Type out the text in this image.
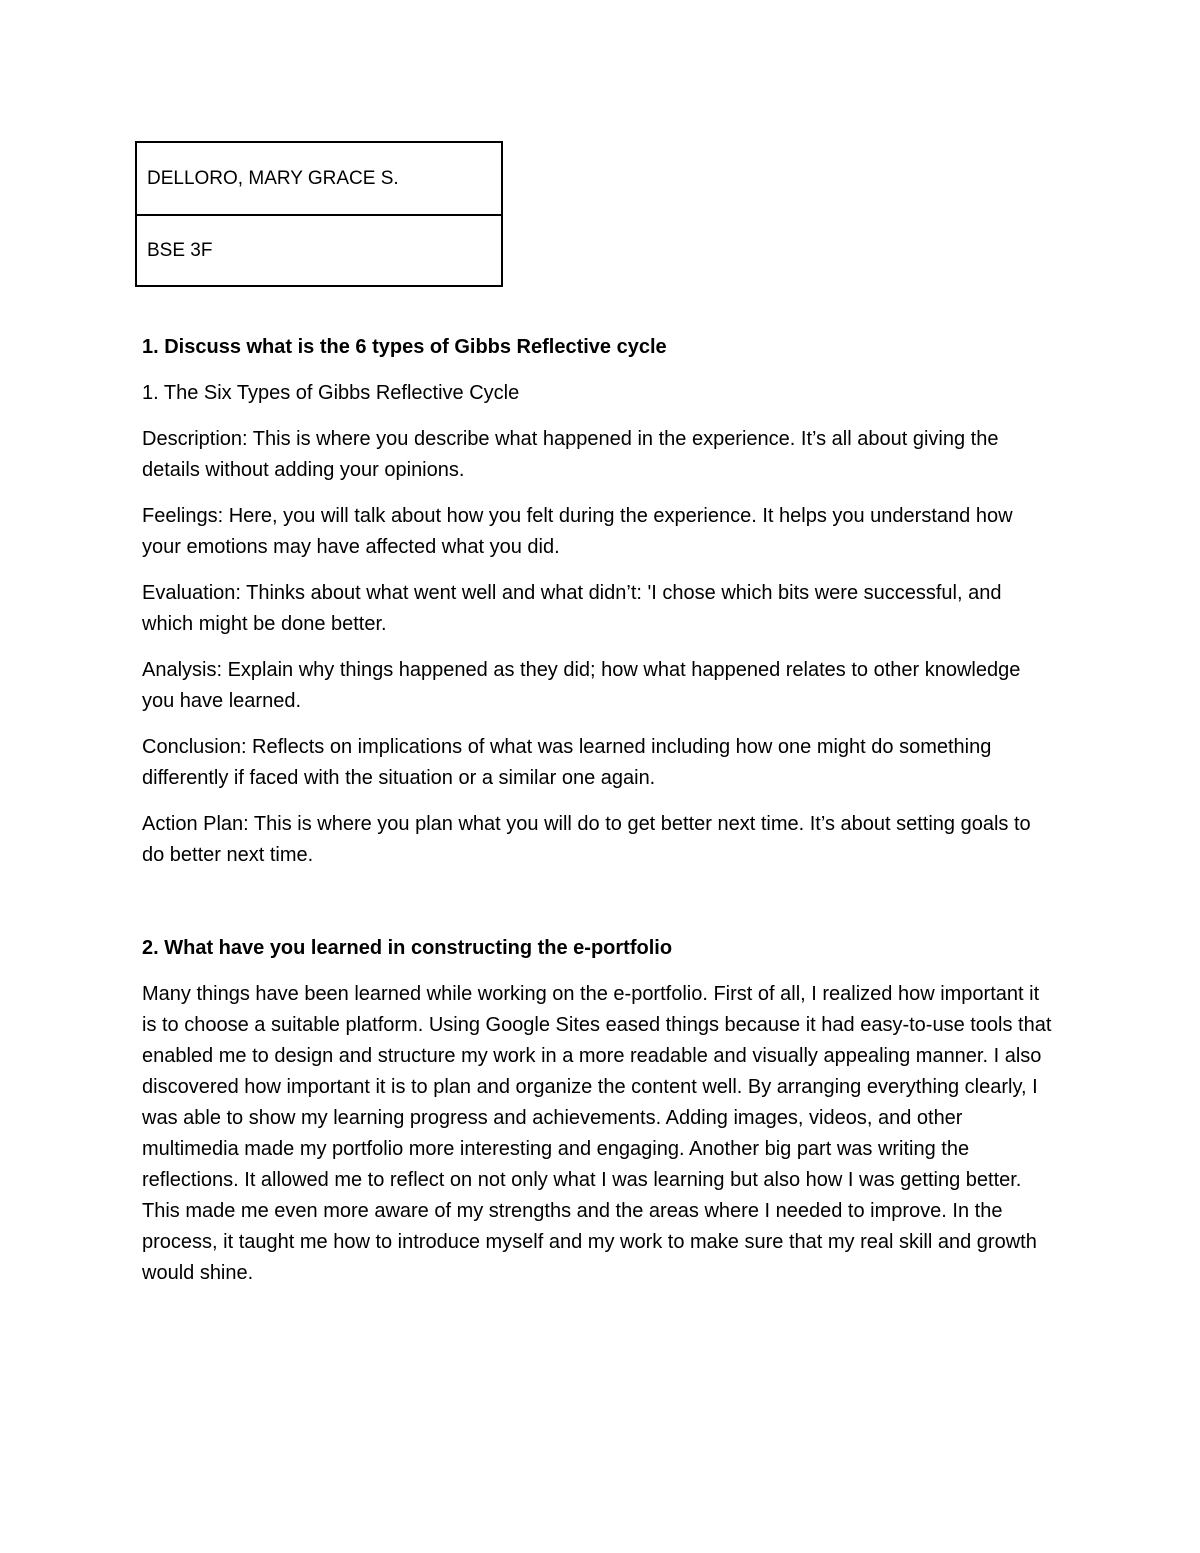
DELLORO, MARY GRACE S.
BSE 3F

1. Discuss what is the 6 types of Gibbs Reflective cycle

1. The Six Types of Gibbs Reflective Cycle

Description: This is where you describe what happened in the experience. It’s all about giving the details without adding your opinions.

Feelings: Here, you will talk about how you felt during the experience. It helps you understand how your emotions may have affected what you did.

Evaluation: Thinks about what went well and what didn’t: 'I chose which bits were successful, and which might be done better.

Analysis: Explain why things happened as they did; how what happened relates to other knowledge you have learned.

Conclusion: Reflects on implications of what was learned including how one might do something differently if faced with the situation or a similar one again.

Action Plan: This is where you plan what you will do to get better next time. It’s about setting goals to do better next time.

2. What have you learned in constructing the e-portfolio

Many things have been learned while working on the e-portfolio. First of all, I realized how important it is to choose a suitable platform. Using Google Sites eased things because it had easy-to-use tools that enabled me to design and structure my work in a more readable and visually appealing manner. I also discovered how important it is to plan and organize the content well. By arranging everything clearly, I was able to show my learning progress and achievements. Adding images, videos, and other multimedia made my portfolio more interesting and engaging. Another big part was writing the reflections. It allowed me to reflect on not only what I was learning but also how I was getting better. This made me even more aware of my strengths and the areas where I needed to improve. In the process, it taught me how to introduce myself and my work to make sure that my real skill and growth would shine.
